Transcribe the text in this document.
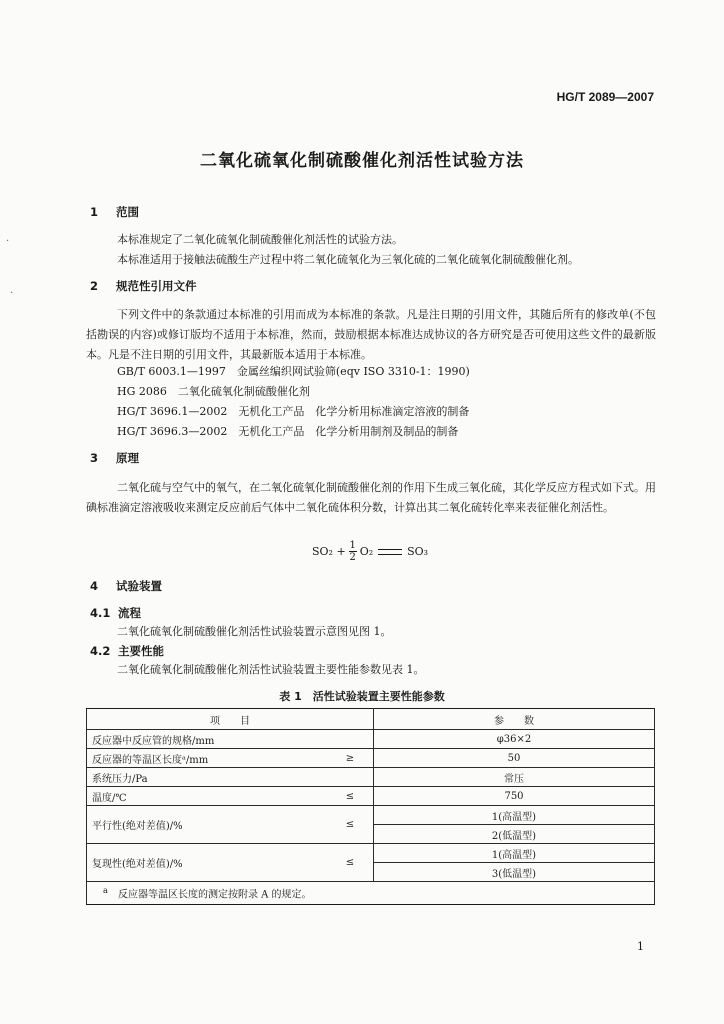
HG/T 2089—2007
二氧化硫氧化制硫酸催化剂活性试验方法
1 范围
本标准规定了二氧化硫氧化制硫酸催化剂活性的试验方法。
本标准适用于接触法硫酸生产过程中将二氧化硫氧化为三氧化硫的二氧化硫氧化制硫酸催化剂。
2 规范性引用文件
下列文件中的条款通过本标准的引用而成为本标准的条款。凡是注日期的引用文件，其随后所有的修改单(不包括勘误的内容)或修订版均不适用于本标准，然而，鼓励根据本标准达成协议的各方研究是否可使用这些文件的最新版本。凡是不注日期的引用文件，其最新版本适用于本标准。
GB/T 6003.1—1997　金属丝编织网试验筛(eqv ISO 3310-1：1990)
HG 2086　二氧化硫氧化制硫酸催化剂
HG/T 3696.1—2002　无机化工产品　化学分析用标准滴定溶液的制备
HG/T 3696.3—2002　无机化工产品　化学分析用制剂及制品的制备
3 原理
二氧化硫与空气中的氧气，在二氧化硫氧化制硫酸催化剂的作用下生成三氧化硫，其化学反应方程式如下式。用碘标准滴定溶液吸收来测定反应前后气体中二氧化硫体积分数，计算出其二氧化硫转化率来表征催化剂活性。
$SO_2 + \frac{1}{2} O_2$	SO₃
4 试验装置
4.1 流程
二氧化硫氧化制硫酸催化剂活性试验装置示意图见图 1。
4.2 主要性能
二氧化硫氧化制硫酸催化剂活性试验装置主要性能参数见表 1。
表 1　活性试验装置主要性能参数
项　　目		参　　数
反应器中反应管的规格/mm		φ36×2
反应器的等温区长度ᵃ/mm	≥	50
系统压力/Pa		常压
温度/℃	≤	750
平行性(绝对差值)/%	≤	1(高温型)
		2(低温型)
复现性(绝对差值)/%	≤	1(高温型)
		3(低温型)
$^a$  反应器等温区长度的测定按附录 A 的规定。		
1
·
·
